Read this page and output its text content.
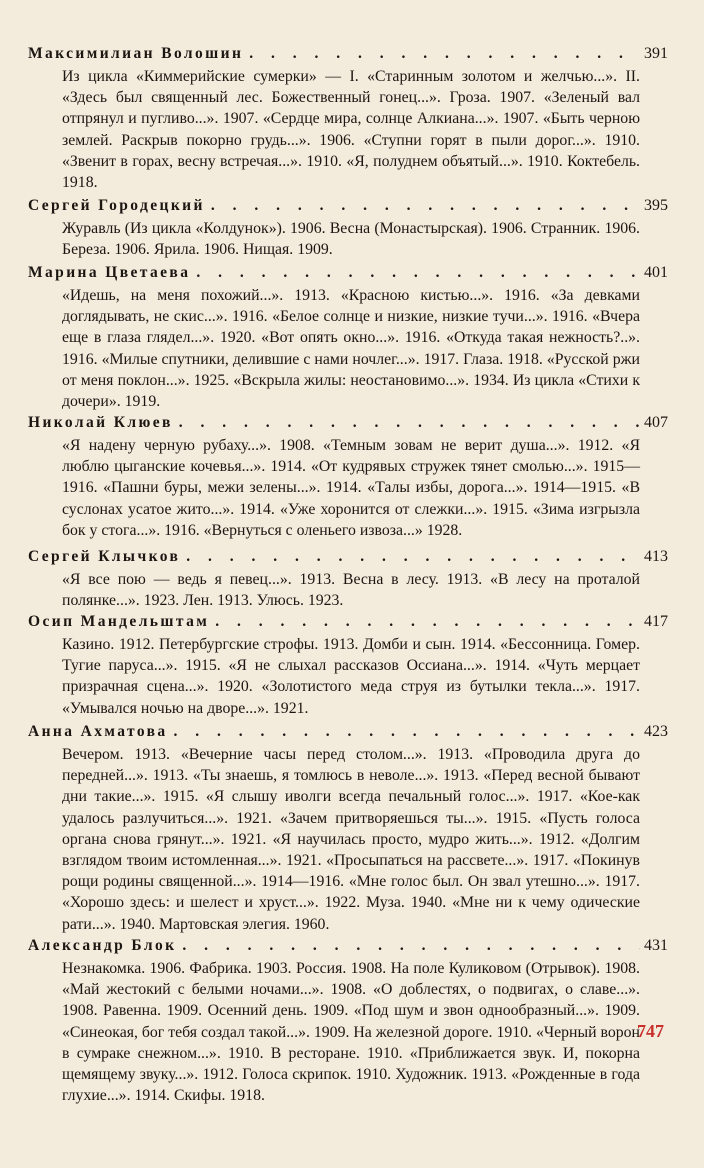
Максимилиан Волошин . . .	391
Из цикла «Киммерийские сумерки» — I. «Старинным золотом и желчью...». II. «Здесь был священный лес. Божественный гонец...». Гроза. 1907. «Зеленый вал отпрянул и пугливо...». 1907. «Сердце мира, солнце Алкиана...». 1907. «Быть черною землей. Раскрыв покорно грудь...». 1906. «Ступни горят в пыли дорог...». 1910. «Звенит в горах, весну встречая...». 1910. «Я, полуднем объятый...». 1910. Коктебель. 1918.
Сергей Городецкий . . .	395
Журавль (Из цикла «Колдунок»). 1906. Весна (Монастырская). 1906. Странник. 1906. Береза. 1906. Ярила. 1906. Нищая. 1909.
Марина Цветаева . . .	401
«Идешь, на меня похожий...». 1913. «Красною кистью...». 1916. «За девками доглядывать, не скис...». 1916. «Белое солнце и низкие, низкие тучи...». 1916. «Вчера еще в глаза глядел...». 1920. «Вот опять окно...». 1916. «Откуда такая нежность?..». 1916. «Милые спутники, делившие с нами ночлег...». 1917. Глаза. 1918. «Русской ржи от меня поклон...». 1925. «Вскрыла жилы: неостановимо...». 1934. Из цикла «Стихи к дочери». 1919.
Николай Клюев . . .	407
«Я надену черную рубаху...». 1908. «Темным зовам не верит душа...». 1912. «Я люблю цыганские кочевья...». 1914. «От кудрявых стружек тянет смолью...». 1915—1916. «Пашни буры, межи зелены...». 1914. «Талы избы, дорога...». 1914—1915. «В суслонах усатое жито...». 1914. «Уже хоронится от слежки...». 1915. «Зима изгрызла бок у стога...». 1916. «Вернуться с оленьего извоза...» 1928.
Сергей Клычков . . .	413
«Я все пою — ведь я певец...». 1913. Весна в лесу. 1913. «В лесу на проталой полянке...». 1923. Лен. 1913. Улюсь. 1923.
Осип Мандельштам . . .	417
Казино. 1912. Петербургские строфы. 1913. Домби и сын. 1914. «Бессонница. Гомер. Тугие паруса...». 1915. «Я не слыхал рассказов Оссиана...». 1914. «Чуть мерцает призрачная сцена...». 1920. «Золотистого меда струя из бутылки текла...». 1917. «Умывался ночью на дворе...». 1921.
Анна Ахматова . . .	423
Вечером. 1913. «Вечерние часы перед столом...». 1913. «Проводила друга до передней...». 1913. «Ты знаешь, я томлюсь в неволе...». 1913. «Перед весной бывают дни такие...». 1915. «Я слышу иволги всегда печальный голос...». 1917. «Кое-как удалось разлучиться...». 1921. «Зачем притворяешься ты...». 1915. «Пусть голоса органа снова грянут...». 1921. «Я научилась просто, мудро жить...». 1912. «Долгим взглядом твоим истомленная...». 1921. «Просыпаться на рассвете...». 1917. «Покинув рощи родины священной...». 1914—1916. «Мне голос был. Он звал утешно...». 1917. «Хорошо здесь: и шелест и хруст...». 1922. Муза. 1940. «Мне ни к чему одические рати...». 1940. Мартовская элегия. 1960.
Александр Блок . . .	431
Незнакомка. 1906. Фабрика. 1903. Россия. 1908. На поле Куликовом (Отрывок). 1908. «Май жестокий с белыми ночами...». 1908. «О доблестях, о подвигах, о славе...». 1908. Равенна. 1909. Осенний день. 1909. «Под шум и звон однообразный...». 1909. «Синеокая, бог тебя создал такой...». 1909. На железной дороге. 1910. «Черный ворон в сумраке снежном...». 1910. В ресторане. 1910. «Приближается звук. И, покорна щемящему звуку...». 1912. Голоса скрипок. 1910. Художник. 1913. «Рожденные в года глухие...». 1914. Скифы. 1918.
747
